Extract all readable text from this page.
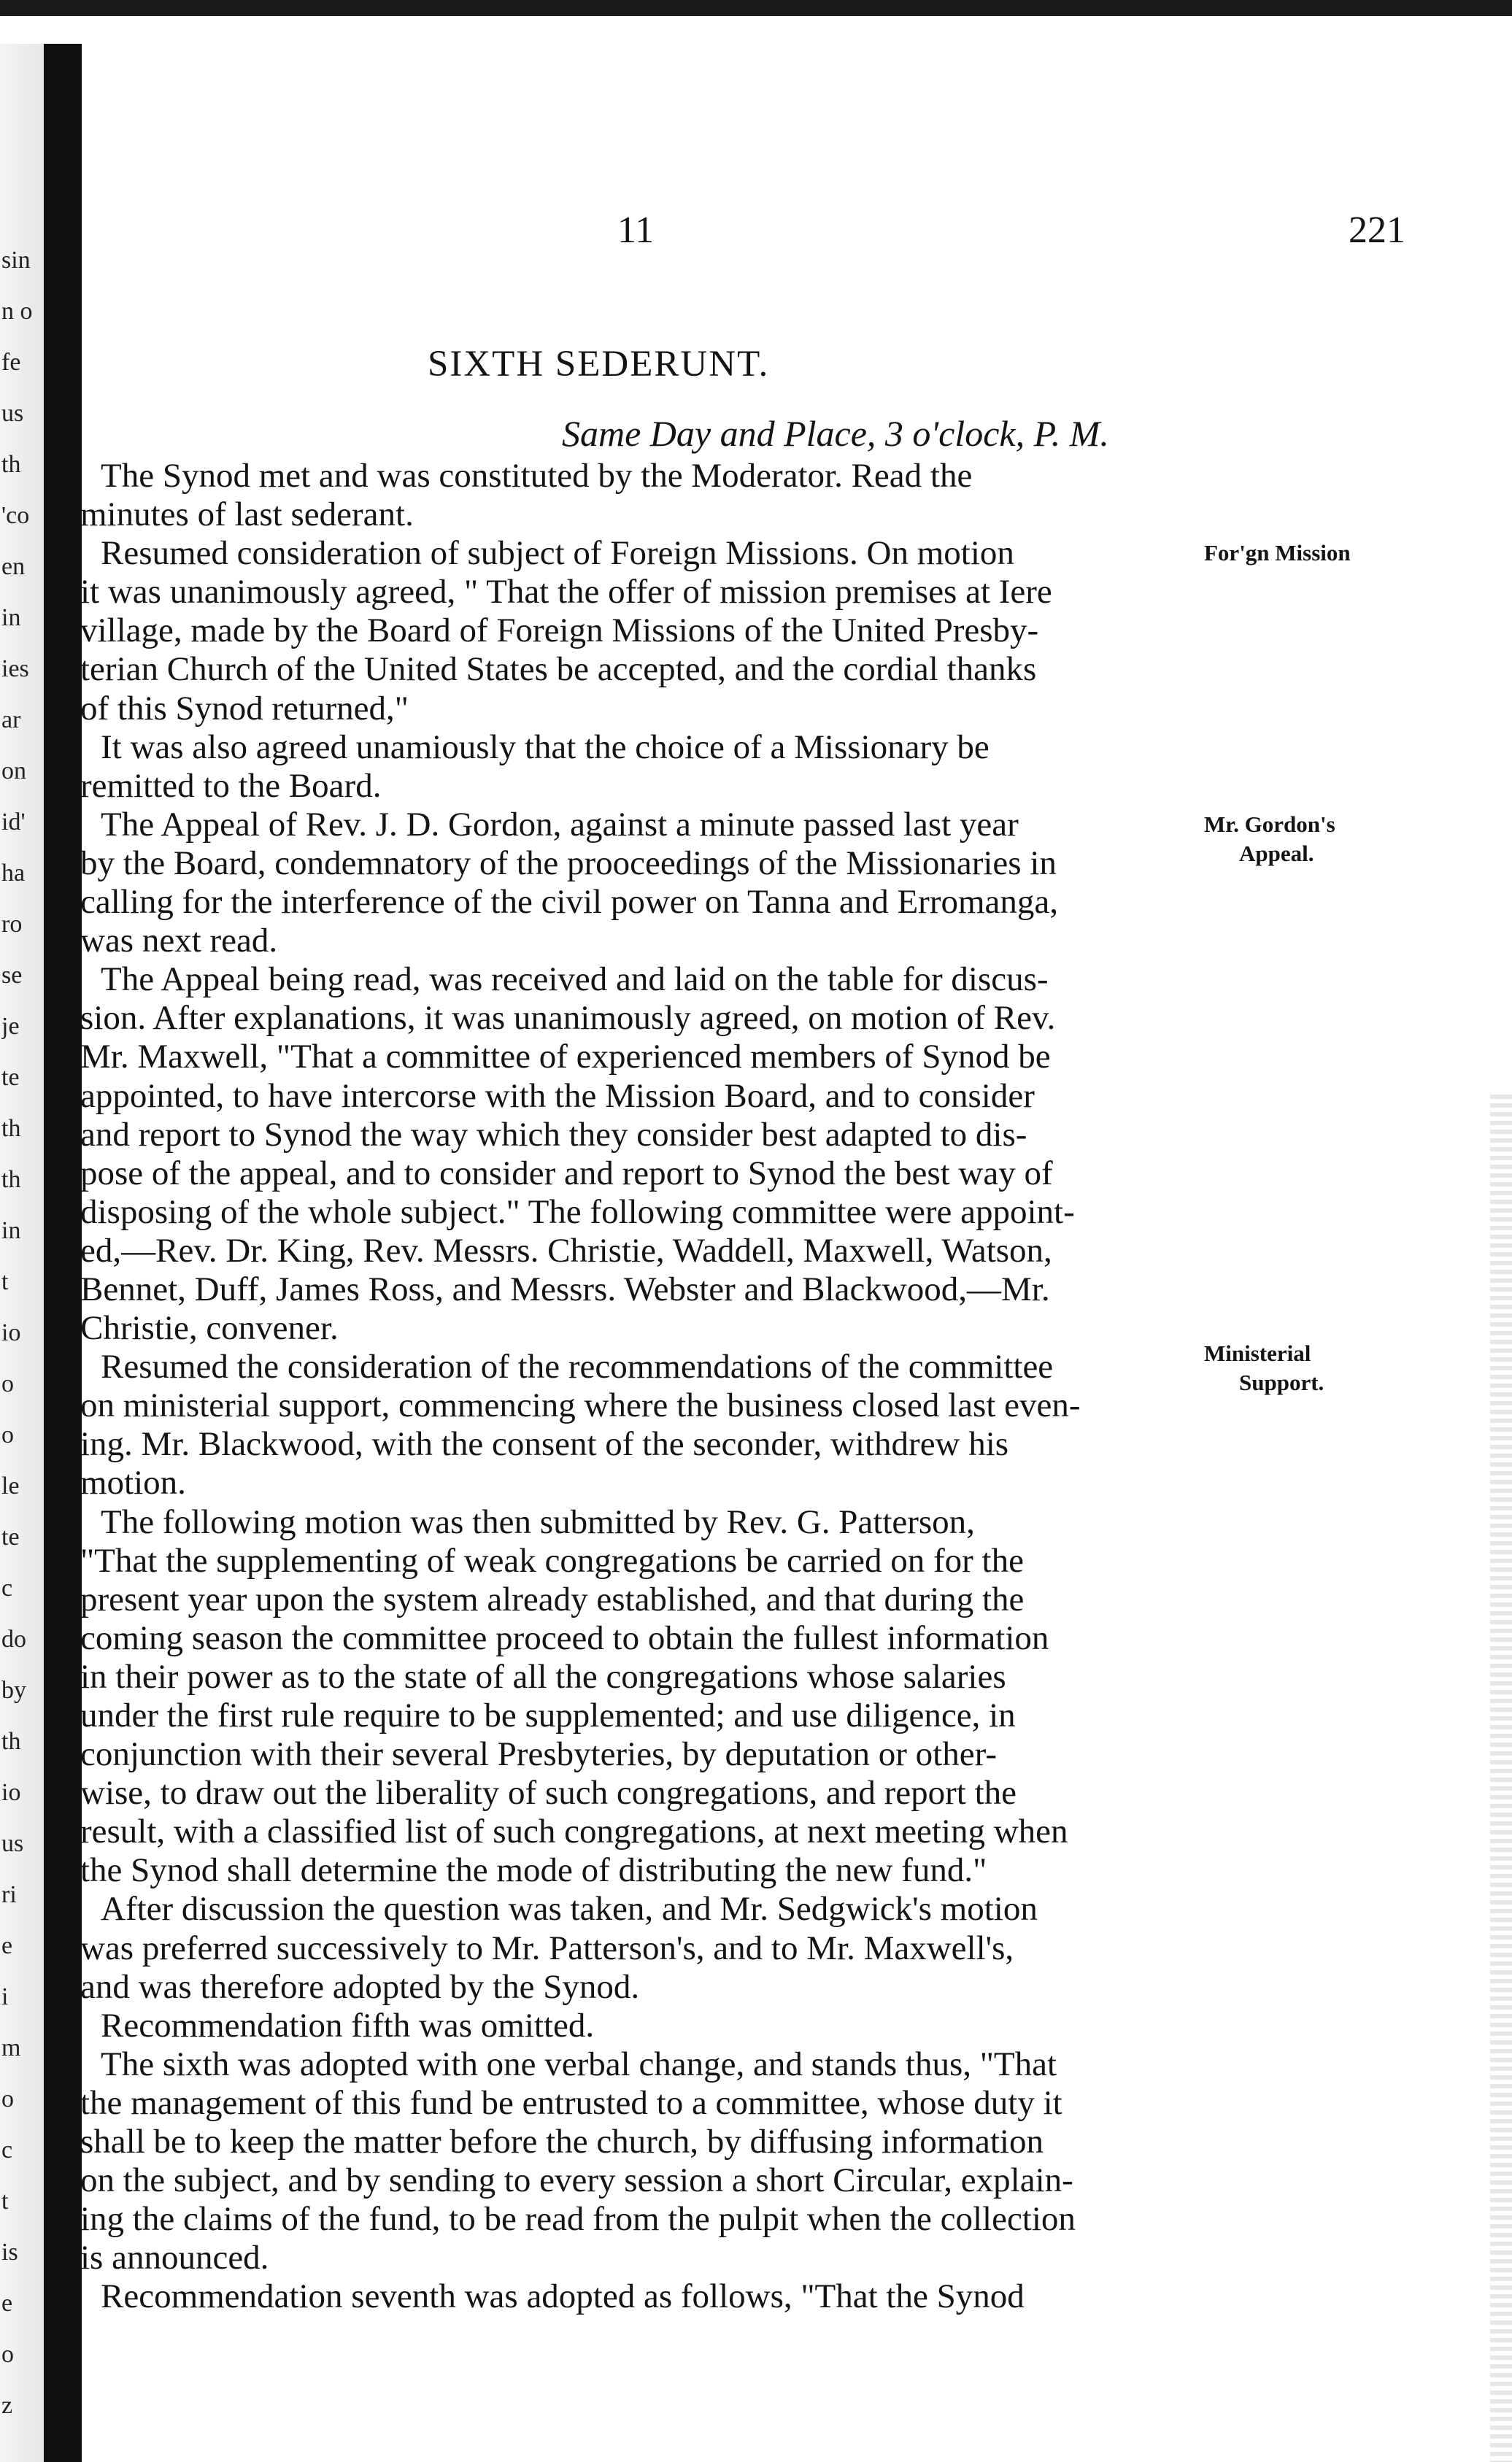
sin
n o
fe
us
th
'co
en
in
ies
ar
on
id'
ha
ro
se
je
te
th
th
in
t
io
o
o
le
te
c
do
by
th
io
us
ri
e
i
m
o
c
t
is
e
o
z
11	221
SIXTH SEDERUNT.
Same Day and Place, 3 o'clock, P. M.
The Synod met and was constituted by the Moderator. Read the
minutes of last sederant.
Resumed consideration of subject of Foreign Missions. On motion
it was unanimously agreed, " That the offer of mission premises at Iere
village, made by the Board of Foreign Missions of the United Presby-
terian Church of the United States be accepted, and the cordial thanks
of this Synod returned,"
It was also agreed unamiously that the choice of a Missionary be
remitted to the Board.
The Appeal of Rev. J. D. Gordon, against a minute passed last year
by the Board, condemnatory of the prooceedings of the Missionaries in
calling for the interference of the civil power on Tanna and Erromanga,
was next read.
The Appeal being read, was received and laid on the table for discus-
sion. After explanations, it was unanimously agreed, on motion of Rev.
Mr. Maxwell, "That a committee of experienced members of Synod be
appointed, to have intercorse with the Mission Board, and to consider
and report to Synod the way which they consider best adapted to dis-
pose of the appeal, and to consider and report to Synod the best way of
disposing of the whole subject." The following committee were appoint-
ed,—Rev. Dr. King, Rev. Messrs. Christie, Waddell, Maxwell, Watson,
Bennet, Duff, James Ross, and Messrs. Webster and Blackwood,—Mr.
Christie, convener.
Resumed the consideration of the recommendations of the committee
on ministerial support, commencing where the business closed last even-
ing. Mr. Blackwood, with the consent of the seconder, withdrew his
motion.
The following motion was then submitted by Rev. G. Patterson,
"That the supplementing of weak congregations be carried on for the
present year upon the system already established, and that during the
coming season the committee proceed to obtain the fullest information
in their power as to the state of all the congregations whose salaries
under the first rule require to be supplemented; and use diligence, in
conjunction with their several Presbyteries, by deputation or other-
wise, to draw out the liberality of such congregations, and report the
result, with a classified list of such congregations, at next meeting when
the Synod shall determine the mode of distributing the new fund."
After discussion the question was taken, and Mr. Sedgwick's motion
was preferred successively to Mr. Patterson's, and to Mr. Maxwell's,
and was therefore adopted by the Synod.
Recommendation fifth was omitted.
The sixth was adopted with one verbal change, and stands thus, "That
the management of this fund be entrusted to a committee, whose duty it
shall be to keep the matter before the church, by diffusing information
on the subject, and by sending to every session a short Circular, explain-
ing the claims of the fund, to be read from the pulpit when the collection
is announced.
Recommendation seventh was adopted as follows, "That the Synod
For'gn Mission
Mr. Gordon's
Appeal.
Ministerial
Support.
